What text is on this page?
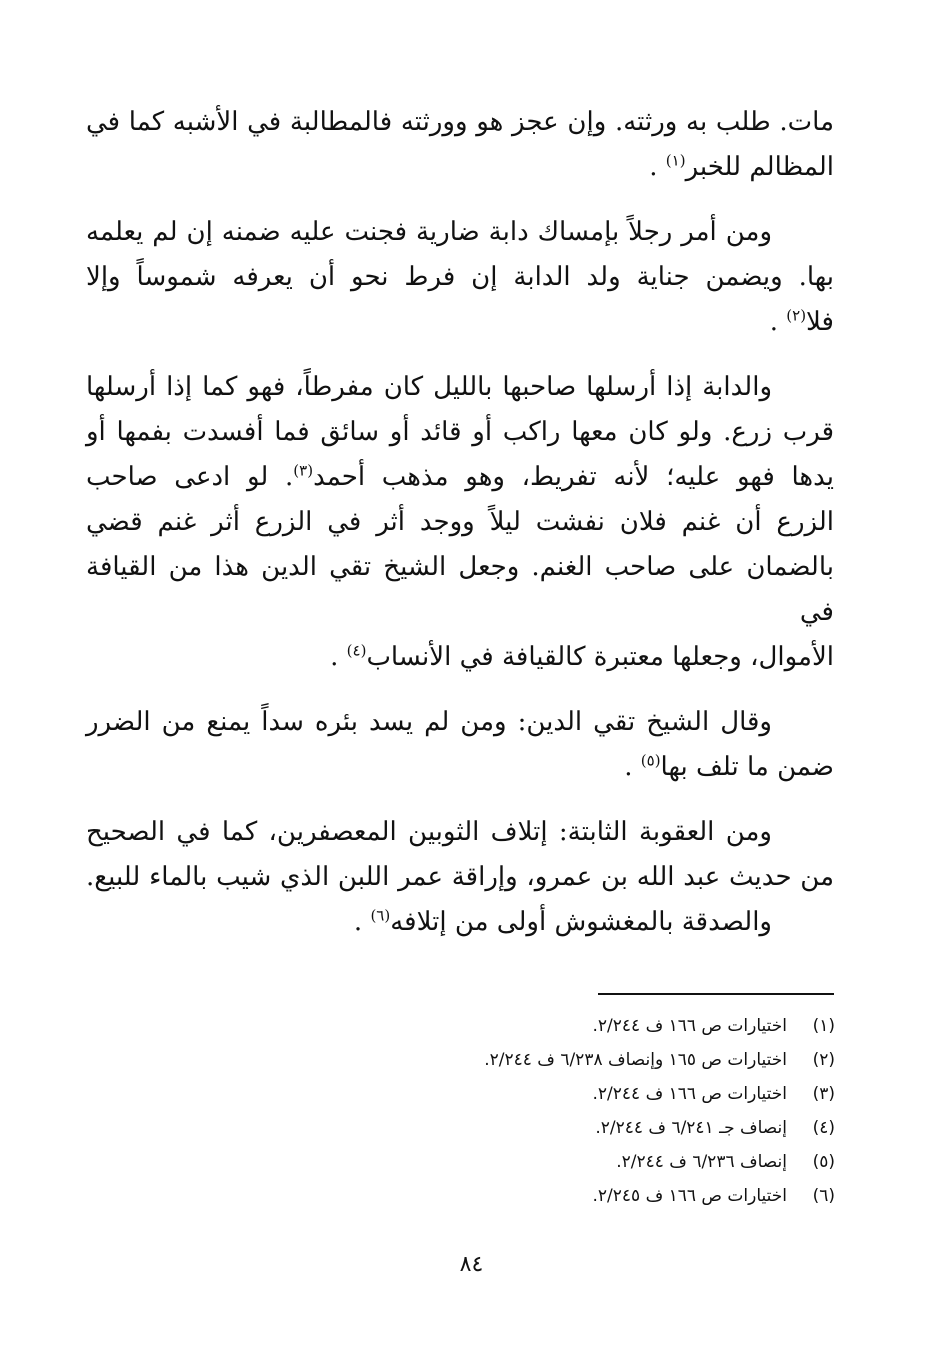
مات. طلب به ورثته. وإن عجز هو وورثته فالمطالبة في الأشبه كما في
المظالم للخبر$^{(١)}$ .

ومن أمر رجلاً بإمساك دابة ضارية فجنت عليه ضمنه إن لم يعلمه
بها. ويضمن جناية ولد الدابة إن فرط نحو أن يعرفه شموساً وإلا
فلا$^{(٢)}$ .

والدابة إذا أرسلها صاحبها بالليل كان مفرطاً، فهو كما إذا أرسلها
قرب زرع. ولو كان معها راكب أو قائد أو سائق فما أفسدت بفمها أو
يدها فهو عليه؛ لأنه تفريط، وهو مذهب أحمد$^{(٣)}$. لو ادعى صاحب
الزرع أن غنم فلان نفشت ليلاً ووجد أثر في الزرع أثر غنم قضي
بالضمان على صاحب الغنم. وجعل الشيخ تقي الدين هذا من القيافة في
الأموال، وجعلها معتبرة كالقيافة في الأنساب$^{(٤)}$ .

وقال الشيخ تقي الدين: ومن لم يسد بئره سداً يمنع من الضرر
ضمن ما تلف بها$^{(٥)}$ .

ومن العقوبة الثابتة: إتلاف الثوبين المعصفرين، كما في الصحيح
من حديث عبد الله بن عمرو، وإراقة عمر اللبن الذي شيب بالماء للبيع.
والصدقة بالمغشوش أولى من إتلافه$^{(٦)}$ .

(١)
اختيارات ص ١٦٦ ف ٢/٢٤٤.
(٢)
اختيارات ص ١٦٥ وإنصاف ٦/٢٣٨ ف ٢/٢٤٤.
(٣)
اختيارات ص ١٦٦ ف ٢/٢٤٤.
(٤)
إنصاف جـ ٦/٢٤١ ف ٢/٢٤٤.
(٥)
إنصاف ٦/٢٣٦ ف ٢/٢٤٤.
(٦)
اختيارات ص ١٦٦ ف ٢/٢٤٥.
٨٤
